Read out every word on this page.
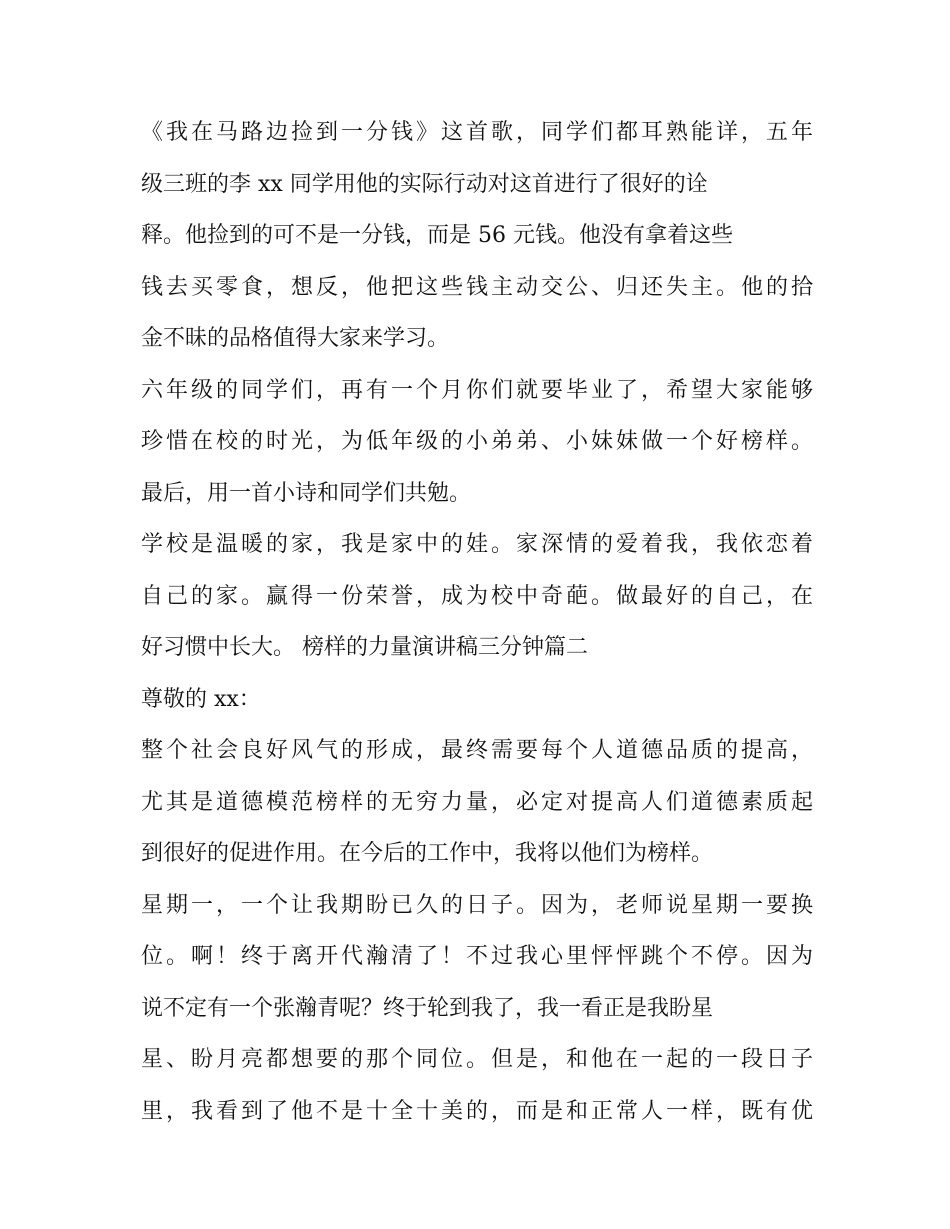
《我在马路边捡到一分钱》这首歌，同学们都耳熟能详，五年
级三班的李 xx 同学用他的实际行动对这首进行了很好的诠
释。他捡到的可不是一分钱，而是 56 元钱。他没有拿着这些
钱去买零食，想反，他把这些钱主动交公、归还失主。他的拾
金不昧的品格值得大家来学习。
六年级的同学们，再有一个月你们就要毕业了，希望大家能够
珍惜在校的时光，为低年级的小弟弟、小妹妹做一个好榜样。
最后，用一首小诗和同学们共勉。
学校是温暖的家，我是家中的娃。家深情的爱着我，我依恋着
自己的家。赢得一份荣誉，成为校中奇葩。做最好的自己，在
好习惯中长大。 榜样的力量演讲稿三分钟篇二
尊敬的 xx：
整个社会良好风气的形成，最终需要每个人道德品质的提高，
尤其是道德模范榜样的无穷力量，必定对提高人们道德素质起
到很好的促进作用。在今后的工作中，我将以他们为榜样。
星期一，一个让我期盼已久的日子。因为，老师说星期一要换
位。啊！终于离开代瀚清了！不过我心里怦怦跳个不停。因为
说不定有一个张瀚青呢？终于轮到我了，我一看正是我盼星
星、盼月亮都想要的那个同位。但是，和他在一起的一段日子
里，我看到了他不是十全十美的，而是和正常人一样，既有优
